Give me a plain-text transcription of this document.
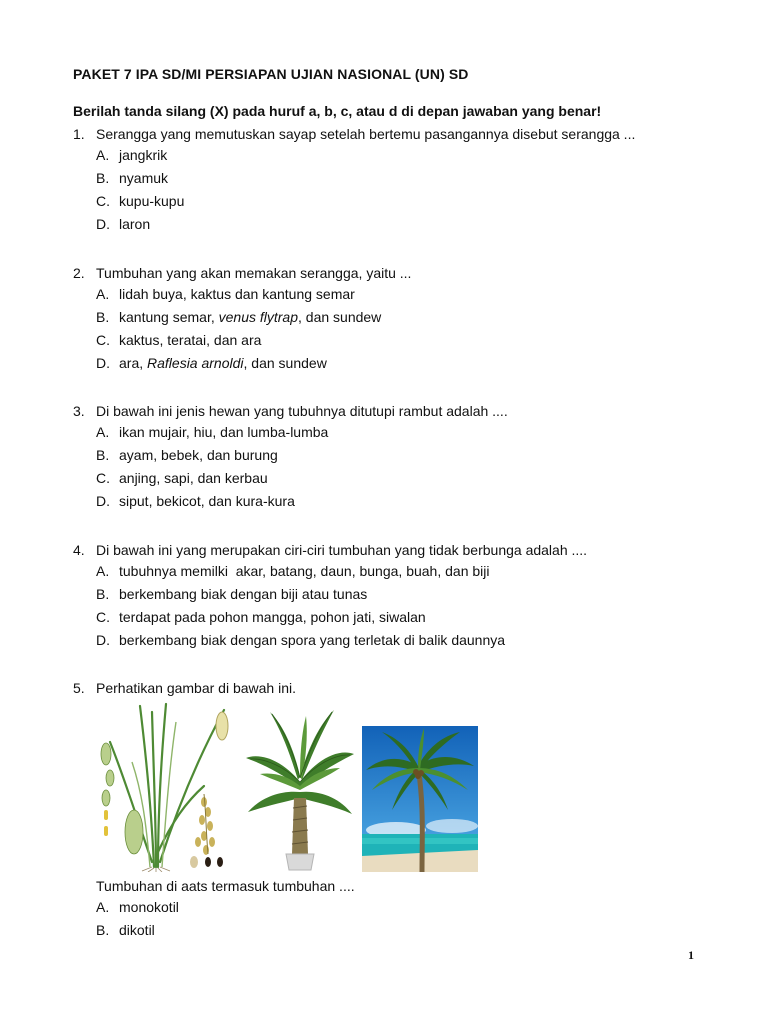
PAKET 7 IPA SD/MI PERSIAPAN UJIAN NASIONAL (UN) SD
Berilah tanda silang (X) pada huruf a, b, c, atau d di depan jawaban yang benar!
1. Serangga yang memutuskan sayap setelah bertemu pasangannya disebut serangga ...
A. jangkrik
B. nyamuk
C. kupu-kupu
D. laron
2. Tumbuhan yang akan memakan serangga, yaitu ...
A. lidah buya, kaktus dan kantung semar
B. kantung semar, venus flytrap, dan sundew
C. kaktus, teratai, dan ara
D. ara, Raflesia arnoldi, dan sundew
3. Di bawah ini jenis hewan yang tubuhnya ditutupi rambut adalah ....
A. ikan mujair, hiu, dan lumba-lumba
B. ayam, bebek, dan burung
C. anjing, sapi, dan kerbau
D. siput, bekicot, dan kura-kura
4. Di bawah ini yang merupakan ciri-ciri tumbuhan yang tidak berbunga adalah ....
A. tubuhnya memilki  akar, batang, daun, bunga, buah, dan biji
B. berkembang biak dengan biji atau tunas
C. terdapat pada pohon mangga, pohon jati, siwalan
D. berkembang biak dengan spora yang terletak di balik daunnya
5. Perhatikan gambar di bawah ini.
Tumbuhan di aats termasuk tumbuhan ....
A. monokotil
B. dikotil
1
